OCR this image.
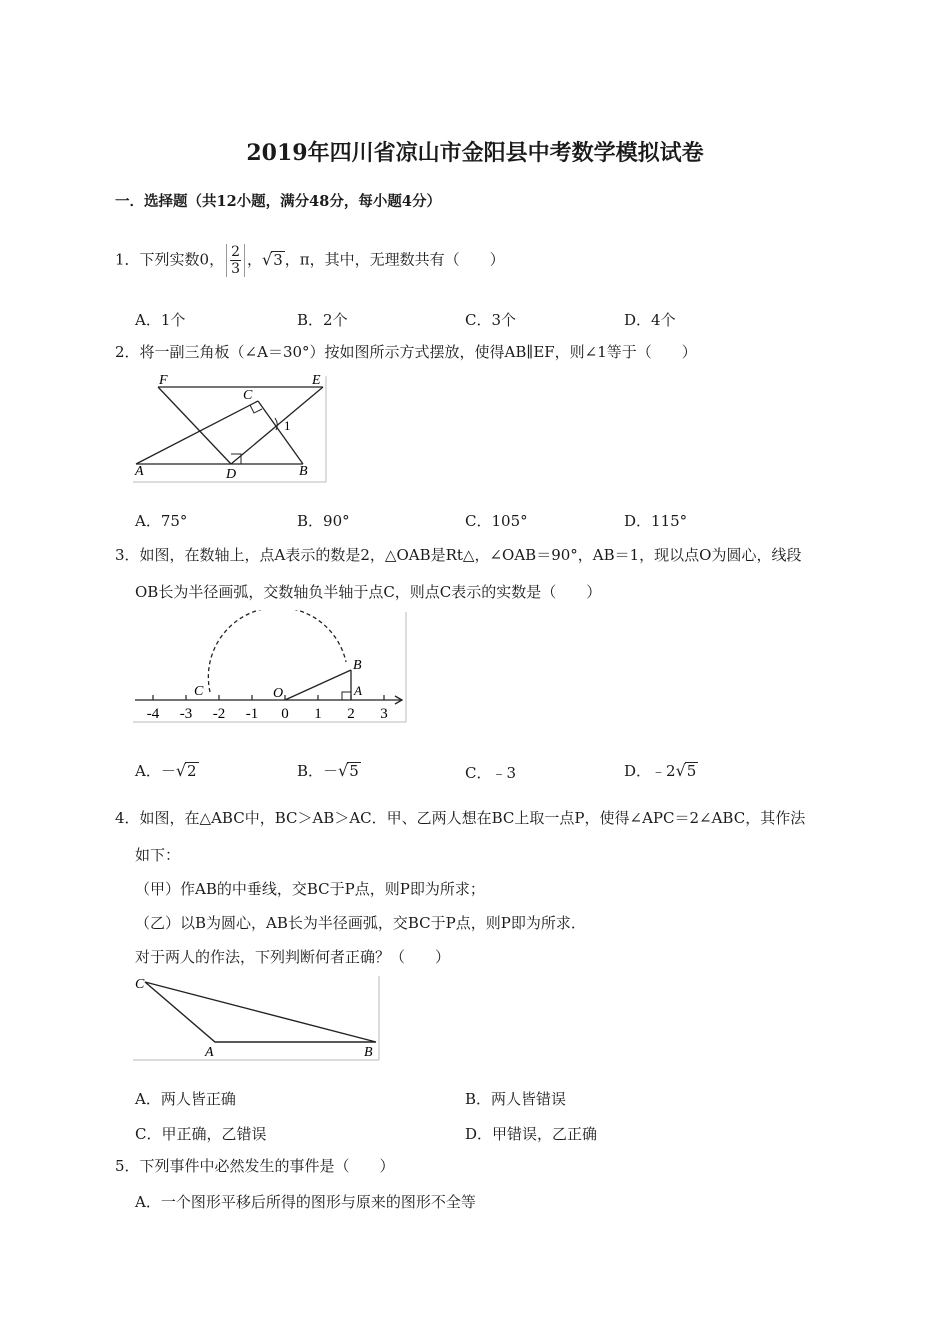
2019年四川省凉山市金阳县中考数学模拟试卷
一．选择题（共12小题，满分48分，每小题4分）
1．下列实数0， $\frac{2}{3}$ ，√3 ，π，其中，无理数共有（　　）
A．1个	B．2个	C．3个	D．4个
2．将一副三角板（∠A＝30°）按如图所示方式摆放，使得AB∥EF，则∠1等于（　　）
F	E
C
1
A	D	B
A．75°	B．90°	C．105°	D．115°
3．如图，在数轴上，点A表示的数是2，△OAB是Rt△，∠OAB＝90°，AB＝1，现以点O为圆心，线段
OB长为半径画弧，交数轴负半轴于点C，则点C表示的实数是（　　）
B
C	O	A
-4 -3 -2 -1 0 1 2 3
A．－√2	B．－√5	C．﹣3	D．﹣2√5
4．如图，在△ABC中，BC＞AB＞AC．甲、乙两人想在BC上取一点P，使得∠APC＝2∠ABC，其作法
如下：
（甲）作AB的中垂线，交BC于P点，则P即为所求；
（乙）以B为圆心，AB长为半径画弧，交BC于P点，则P即为所求．
对于两人的作法，下列判断何者正确？（　　）
C
A	B
A．两人皆正确	B．两人皆错误
C．甲正确，乙错误	D．甲错误，乙正确
5．下列事件中必然发生的事件是（　　）
A．一个图形平移后所得的图形与原来的图形不全等
